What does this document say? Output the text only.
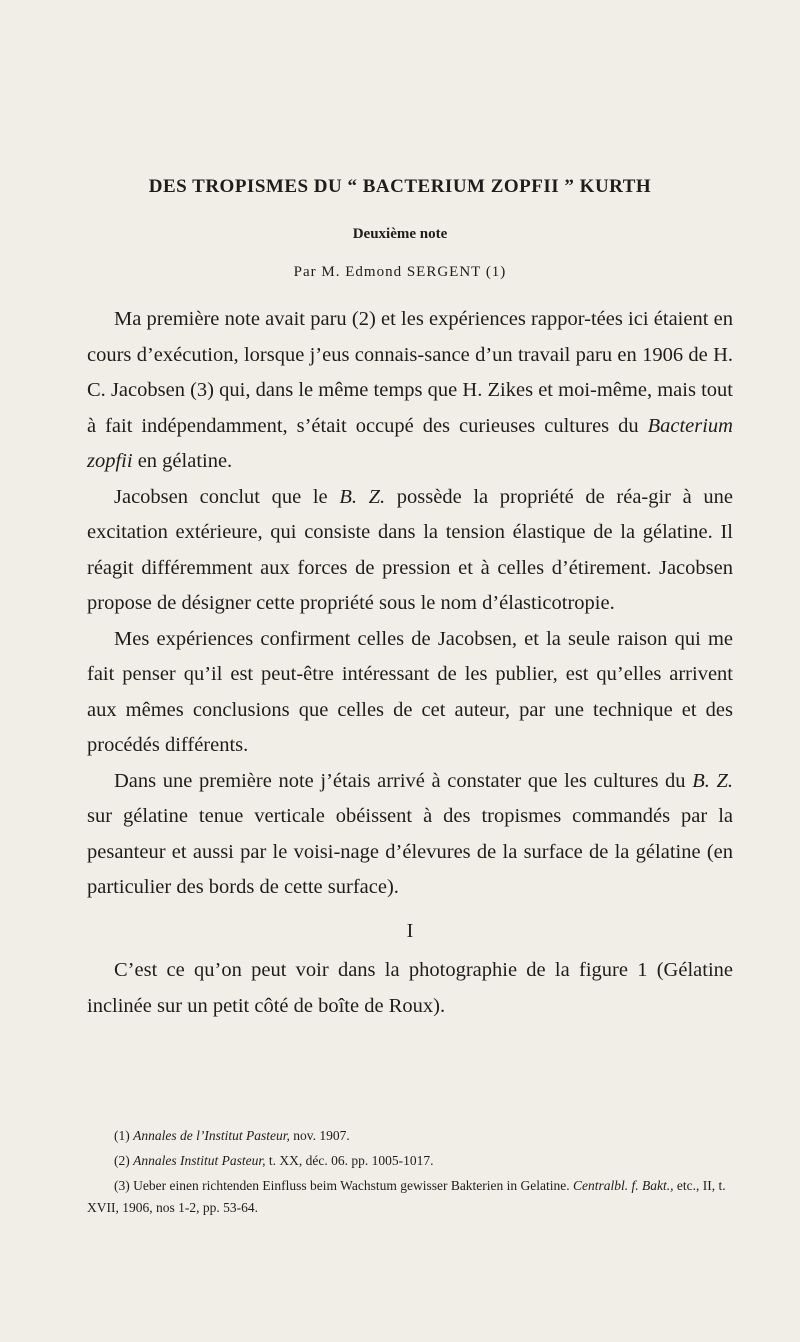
DES TROPISMES DU “ BACTERIUM ZOPFII ” KURTH
Deuxième note
Par M. Edmond SERGENT (1)

Ma première note avait paru (2) et les expériences rappor-tées ici étaient en cours d’exécution, lorsque j’eus connais-sance d’un travail paru en 1906 de H. C. Jacobsen (3) qui, dans le même temps que H. Zikes et moi-même, mais tout à fait indépendamment, s’était occupé des curieuses cultures du Bacterium zopfii en gélatine.

Jacobsen conclut que le B. Z. possède la propriété de réa-gir à une excitation extérieure, qui consiste dans la tension élastique de la gélatine. Il réagit différemment aux forces de pression et à celles d’étirement. Jacobsen propose de désigner cette propriété sous le nom d’élasticotropie.

Mes expériences confirment celles de Jacobsen, et la seule raison qui me fait penser qu’il est peut-être intéressant de les publier, est qu’elles arrivent aux mêmes conclusions que celles de cet auteur, par une technique et des procédés différents.

Dans une première note j’étais arrivé à constater que les cultures du B. Z. sur gélatine tenue verticale obéissent à des tropismes commandés par la pesanteur et aussi par le voisi-nage d’élevures de la surface de la gélatine (en particulier des bords de cette surface).

I

C’est ce qu’on peut voir dans la photographie de la figure 1 (Gélatine inclinée sur un petit côté de boîte de Roux).

(1) Annales de l’Institut Pasteur, nov. 1907.

(2) Annales Institut Pasteur, t. XX, déc. 06. pp. 1005-1017.

(3) Ueber einen richtenden Einfluss beim Wachstum gewisser Bakterien in Gelatine. Centralbl. f. Bakt., etc., II, t. XVII, 1906, nos 1-2, pp. 53-64.
